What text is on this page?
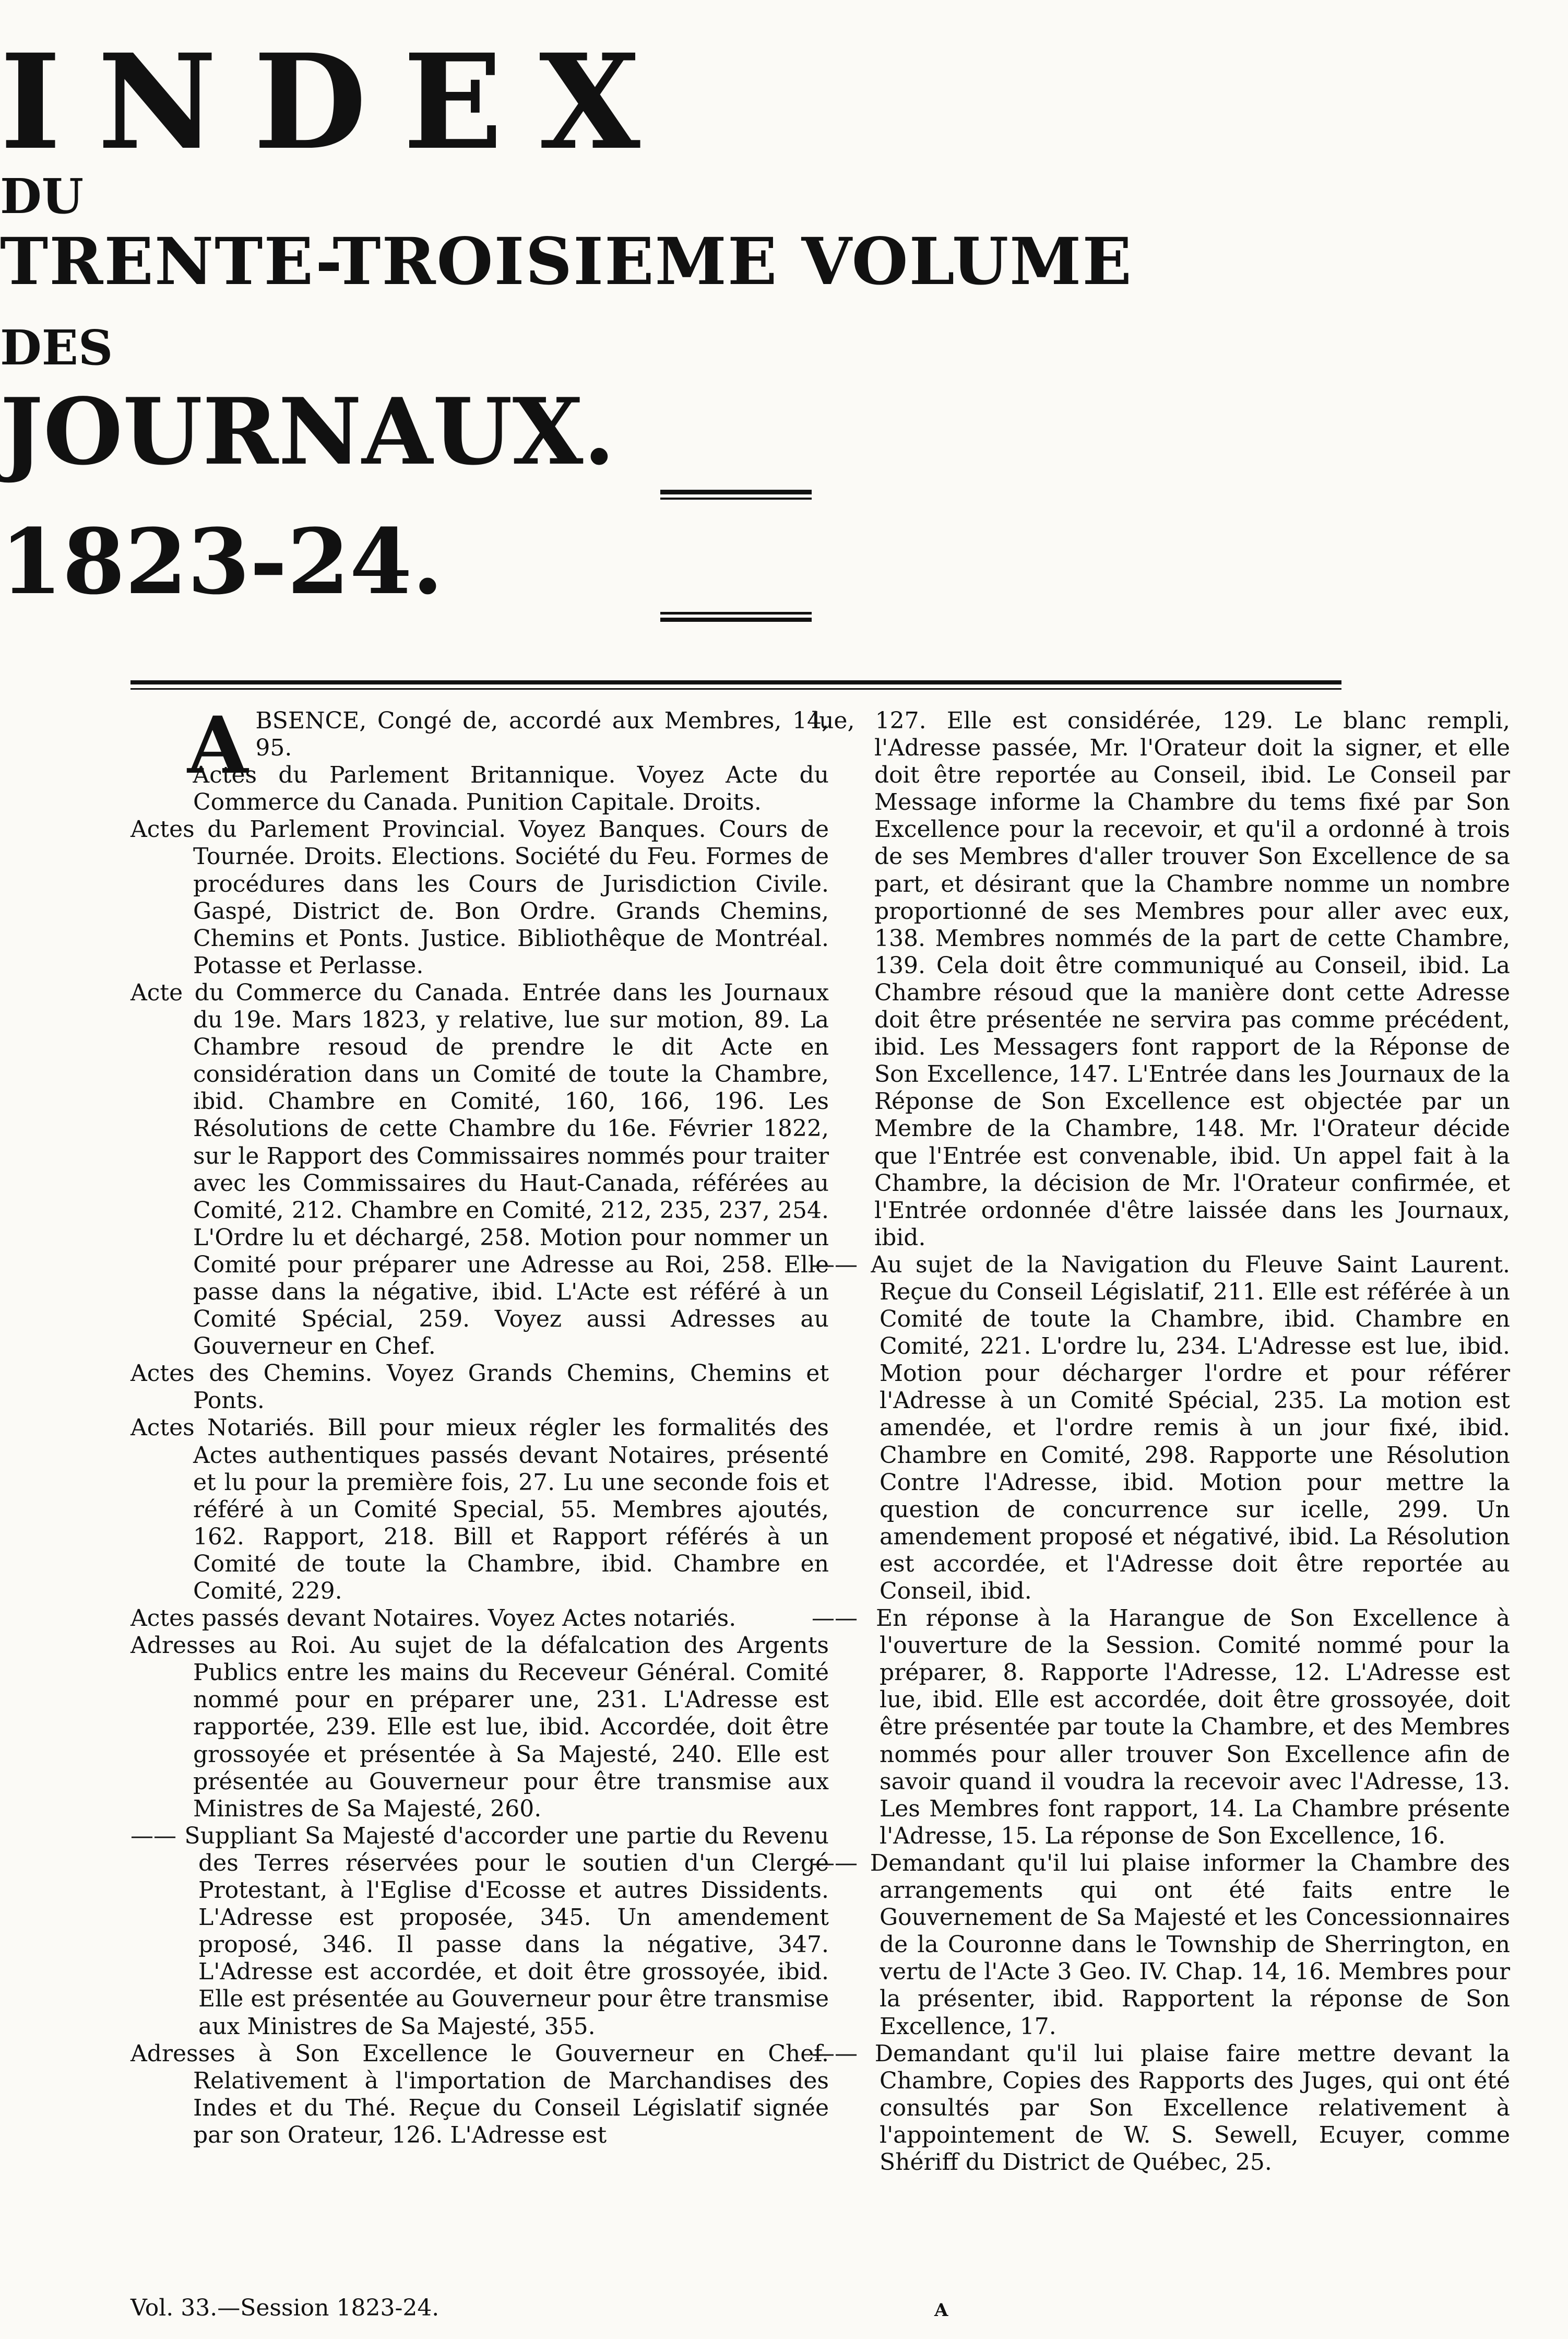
INDEX
DU
TRENTE-TROISIEME VOLUME
DES
JOURNAUX.
1823-24.

A BSENCE, Congé de, accordé aux Membres, 14, 95.

Actes du Parlement Britannique. Voyez Acte du Commerce du Canada. Punition Capitale. Droits.

Actes du Parlement Provincial. Voyez Banques. Cours de Tournée. Droits. Elections. Société du Feu. Formes de procédures dans les Cours de Jurisdiction Civile. Gaspé, District de. Bon Ordre. Grands Chemins, Chemins et Ponts. Justice. Bibliothêque de Montréal. Potasse et Perlasse.

Acte du Commerce du Canada. Entrée dans les Journaux du 19e. Mars 1823, y relative, lue sur motion, 89. La Chambre resoud de prendre le dit Acte en considération dans un Comité de toute la Chambre, ibid. Chambre en Comité, 160, 166, 196. Les Résolutions de cette Chambre du 16e. Février 1822, sur le Rapport des Commissaires nommés pour traiter avec les Commissaires du Haut-Canada, référées au Comité, 212. Chambre en Comité, 212, 235, 237, 254. L'Ordre lu et déchargé, 258. Motion pour nommer un Comité pour préparer une Adresse au Roi, 258. Elle passe dans la négative, ibid. L'Acte est référé à un Comité Spécial, 259. Voyez aussi Adresses au Gouverneur en Chef.

Actes des Chemins. Voyez Grands Chemins, Chemins et Ponts.

Actes Notariés. Bill pour mieux régler les formalités des Actes authentiques passés devant Notaires, présenté et lu pour la première fois, 27. Lu une seconde fois et référé à un Comité Special, 55. Membres ajoutés, 162. Rapport, 218. Bill et Rapport référés à un Comité de toute la Chambre, ibid. Chambre en Comité, 229.

Actes passés devant Notaires. Voyez Actes notariés.

Adresses au Roi. Au sujet de la défalcation des Argents Publics entre les mains du Receveur Général. Comité nommé pour en préparer une, 231. L'Adresse est rapportée, 239. Elle est lue, ibid. Accordée, doit être grossoyée et présentée à Sa Majesté, 240. Elle est présentée au Gouverneur pour être transmise aux Ministres de Sa Majesté, 260.

—— Suppliant Sa Majesté d'accorder une partie du Revenu des Terres réservées pour le soutien d'un Clergé Protestant, à l'Eglise d'Ecosse et autres Dissidents. L'Adresse est proposée, 345. Un amendement proposé, 346. Il passe dans la négative, 347. L'Adresse est accordée, et doit être grossoyée, ibid. Elle est présentée au Gouverneur pour être transmise aux Ministres de Sa Majesté, 355.

Adresses à Son Excellence le Gouverneur en Chef. Relativement à l'importation de Marchandises des Indes et du Thé. Reçue du Conseil Législatif signée par son Orateur, 126. L'Adresse est

lue, 127. Elle est considérée, 129. Le blanc rempli, l'Adresse passée, Mr. l'Orateur doit la signer, et elle doit être reportée au Conseil, ibid. Le Conseil par Message informe la Chambre du tems fixé par Son Excellence pour la recevoir, et qu'il a ordonné à trois de ses Membres d'aller trouver Son Excellence de sa part, et désirant que la Chambre nomme un nombre proportionné de ses Membres pour aller avec eux, 138. Membres nommés de la part de cette Chambre, 139. Cela doit être communiqué au Conseil, ibid. La Chambre résoud que la manière dont cette Adresse doit être présentée ne servira pas comme précédent, ibid. Les Messagers font rapport de la Réponse de Son Excellence, 147. L'Entrée dans les Journaux de la Réponse de Son Excellence est objectée par un Membre de la Chambre, 148. Mr. l'Orateur décide que l'Entrée est convenable, ibid. Un appel fait à la Chambre, la décision de Mr. l'Orateur confirmée, et l'Entrée ordonnée d'être laissée dans les Journaux, ibid.

—— Au sujet de la Navigation du Fleuve Saint Laurent. Reçue du Conseil Législatif, 211. Elle est référée à un Comité de toute la Chambre, ibid. Chambre en Comité, 221. L'ordre lu, 234. L'Adresse est lue, ibid. Motion pour décharger l'ordre et pour référer l'Adresse à un Comité Spécial, 235. La motion est amendée, et l'ordre remis à un jour fixé, ibid. Chambre en Comité, 298. Rapporte une Résolution Contre l'Adresse, ibid. Motion pour mettre la question de concurrence sur icelle, 299. Un amendement proposé et négativé, ibid. La Résolution est accordée, et l'Adresse doit être reportée au Conseil, ibid.

—— En réponse à la Harangue de Son Excellence à l'ouverture de la Session. Comité nommé pour la préparer, 8. Rapporte l'Adresse, 12. L'Adresse est lue, ibid. Elle est accordée, doit être grossoyée, doit être présentée par toute la Chambre, et des Membres nommés pour aller trouver Son Excellence afin de savoir quand il voudra la recevoir avec l'Adresse, 13. Les Membres font rapport, 14. La Chambre présente l'Adresse, 15. La réponse de Son Excellence, 16.

—— Demandant qu'il lui plaise informer la Chambre des arrangements qui ont été faits entre le Gouvernement de Sa Majesté et les Concessionnaires de la Couronne dans le Township de Sherrington, en vertu de l'Acte 3 Geo. IV. Chap. 14, 16. Membres pour la présenter, ibid. Rapportent la réponse de Son Excellence, 17.

—— Demandant qu'il lui plaise faire mettre devant la Chambre, Copies des Rapports des Juges, qui ont été consultés par Son Excellence relativement à l'appointement de W. S. Sewell, Ecuyer, comme Shériff du District de Québec, 25.

Vol. 33.—Session 1823-24.	A
